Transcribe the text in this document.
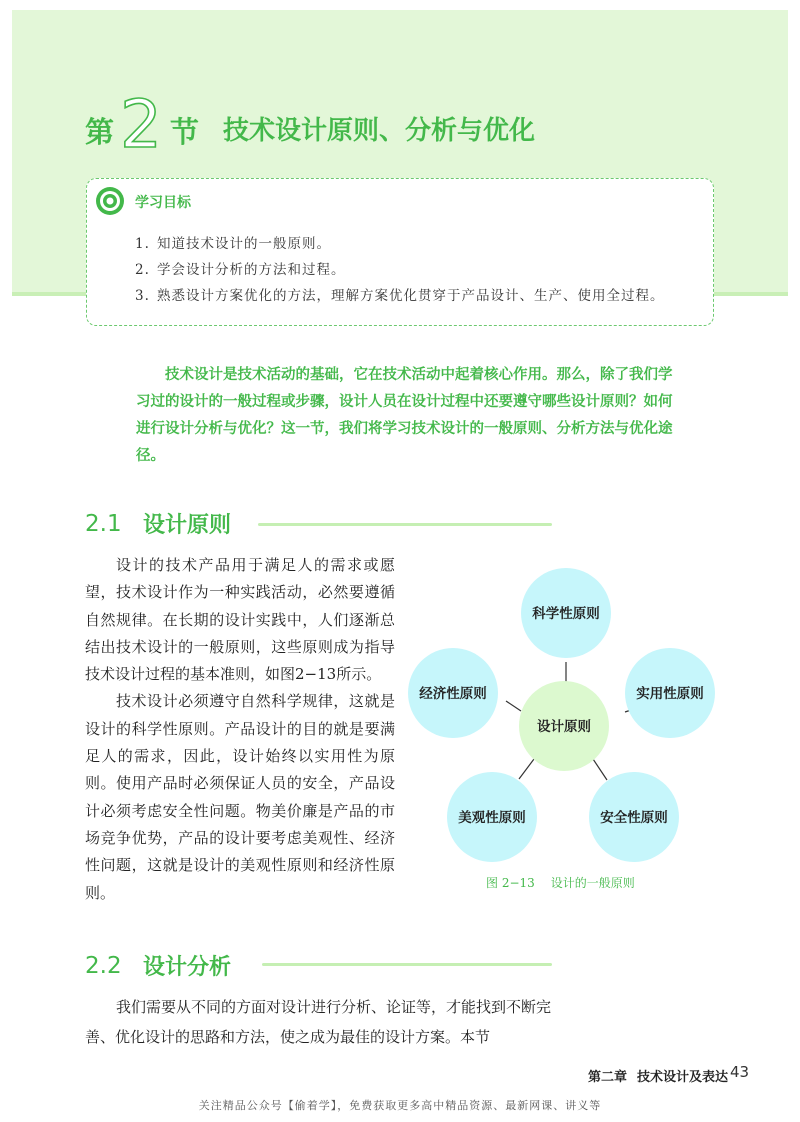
第 2 节 技术设计原则、分析与优化
学习目标
1. 知道技术设计的一般原则。
2. 学会设计分析的方法和过程。
3. 熟悉设计方案优化的方法，理解方案优化贯穿于产品设计、生产、使用全过程。

技术设计是技术活动的基础，它在技术活动中起着核心作用。那么，除了我们学习过的设计的一般过程或步骤，设计人员在设计过程中还要遵守哪些设计原则？如何进行设计分析与优化？这一节，我们将学习技术设计的一般原则、分析方法与优化途径。

2.1 设计原则

设计的技术产品用于满足人的需求或愿望，技术设计作为一种实践活动，必然要遵循自然规律。在长期的设计实践中，人们逐渐总结出技术设计的一般原则，这些原则成为指导技术设计过程的基本准则，如图2−13所示。

技术设计必须遵守自然科学规律，这就是设计的科学性原则。产品设计的目的就是要满足人的需求，因此，设计始终以实用性为原则。使用产品时必须保证人员的安全，产品设计必须考虑安全性问题。物美价廉是产品的市场竞争优势，产品的设计要考虑美观性、经济性问题，这就是设计的美观性原则和经济性原则。

设计原则
科学性原则
实用性原则
安全性原则
美观性原则
经济性原则
图 2−13 设计的一般原则
2.2 设计分析

我们需要从不同的方面对设计进行分析、论证等，才能找到不断完善、优化设计的思路和方法，使之成为最佳的设计方案。本节

第二章 技术设计及表达 43
关注精品公众号【偷着学】，免费获取更多高中精品资源、最新网课、讲义等
